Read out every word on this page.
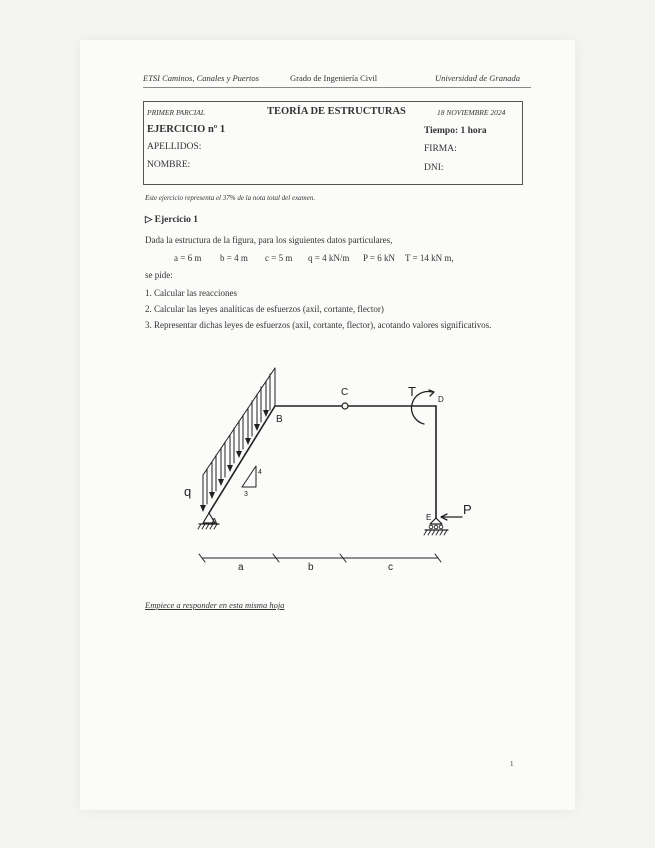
ETSI Caminos, Canales y Puertos	Grado de Ingeniería Civil	Universidad de Granada
PRIMER PARCIAL	TEORÍA DE ESTRUCTURAS	18 NOVIEMBRE 2024
EJERCICIO nº 1	Tiempo: 1 hora
APELLIDOS:	FIRMA:
NOMBRE:	DNI:
Este ejercicio representa el 37% de la nota total del examen.
▷ Ejercicio 1
Dada la estructura de la figura, para los siguientes datos particulares,
a = 6 m b = 4 m c = 5 m q = 4 kN/m P = 6 kN T = 14 kN m,
se pide:
1. Calcular las reacciones
2. Calcular las leyes analíticas de esfuerzos (axil, cortante, flector)
3. Representar dichas leyes de esfuerzos (axil, cortante, flector), acotando valores significativos.
B
C
D
A	E
T
P
q
4
3
a	b	c
Empiece a responder en esta misma hoja
1
